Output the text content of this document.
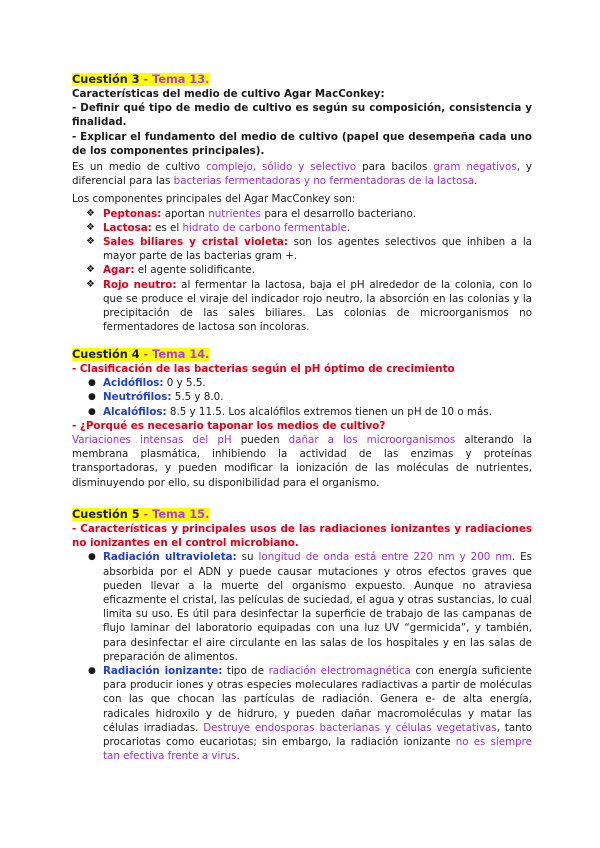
Cuestión 3 - Tema 13.

Características del medio de cultivo Agar MacConkey:

- Definir qué tipo de medio de cultivo es según su composición, consistencia y finalidad.

- Explicar el fundamento del medio de cultivo (papel que desempeña cada uno de los componentes principales).

Es un medio de cultivo complejo, sólido y selectivo para bacilos gram negativos, y diferencial para las bacterias fermentadoras y no fermentadoras de la lactosa.

Los componentes principales del Agar MacConkey son:

❖ Peptonas: aportan nutrientes para el desarrollo bacteriano.
❖ Lactosa: es el hidrato de carbono fermentable.
❖ Sales biliares y cristal violeta: son los agentes selectivos que inhiben a la mayor parte de las bacterias gram +.
❖ Agar: el agente solidificante.
❖ Rojo neutro: al fermentar la lactosa, baja el pH alrededor de la colonia, con lo que se produce el viraje del indicador rojo neutro, la absorción en las colonias y la precipitación de las sales biliares. Las colonias de microorganismos no fermentadores de lactosa son incoloras.

Cuestión 4 - Tema 14.

- Clasificación de las bacterias según el pH óptimo de crecimiento

● Acidófilos: 0 y 5.5.
● Neutrófilos: 5.5 y 8.0.
● Alcalófilos: 8.5 y 11.5. Los alcalófilos extremos tienen un pH de 10 o más.

- ¿Porqué es necesario taponar los medios de cultivo?

Variaciones intensas del pH pueden dañar a los microorganismos alterando la membrana plasmática, inhibiendo la actividad de las enzimas y proteínas transportadoras, y pueden modificar la ionización de las moléculas de nutrientes, disminuyendo por ello, su disponibilidad para el organismo.

Cuestión 5 - Tema 15.

- Características y principales usos de las radiaciones ionizantes y radiaciones no ionizantes en el control microbiano.

● Radiación ultravioleta: su longitud de onda está entre 220 nm y 200 nm. Es absorbida por el ADN y puede causar mutaciones y otros efectos graves que pueden llevar a la muerte del organismo expuesto. Aunque no atraviesa eficazmente el cristal, las películas de suciedad, el agua y otras sustancias, lo cual limita su uso. Es útil para desinfectar la superficie de trabajo de las campanas de flujo laminar del laboratorio equipadas con una luz UV “germicida”, y también, para desinfectar el aire circulante en las salas de los hospitales y en las salas de preparación de alimentos.
● Radiación ionizante: tipo de radiación electromagnética con energía suficiente para producir iones y otras especies moleculares radiactivas a partir de moléculas con las que chocan las partículas de radiación. Genera e- de alta energía, radicales hidroxilo y de hidruro, y pueden dañar macromoléculas y matar las células irradiadas. Destruye endosporas bacterianas y células vegetativas, tanto procariotas como eucariotas; sin embargo, la radiación ionizante no es siempre tan efectiva frente a virus.
